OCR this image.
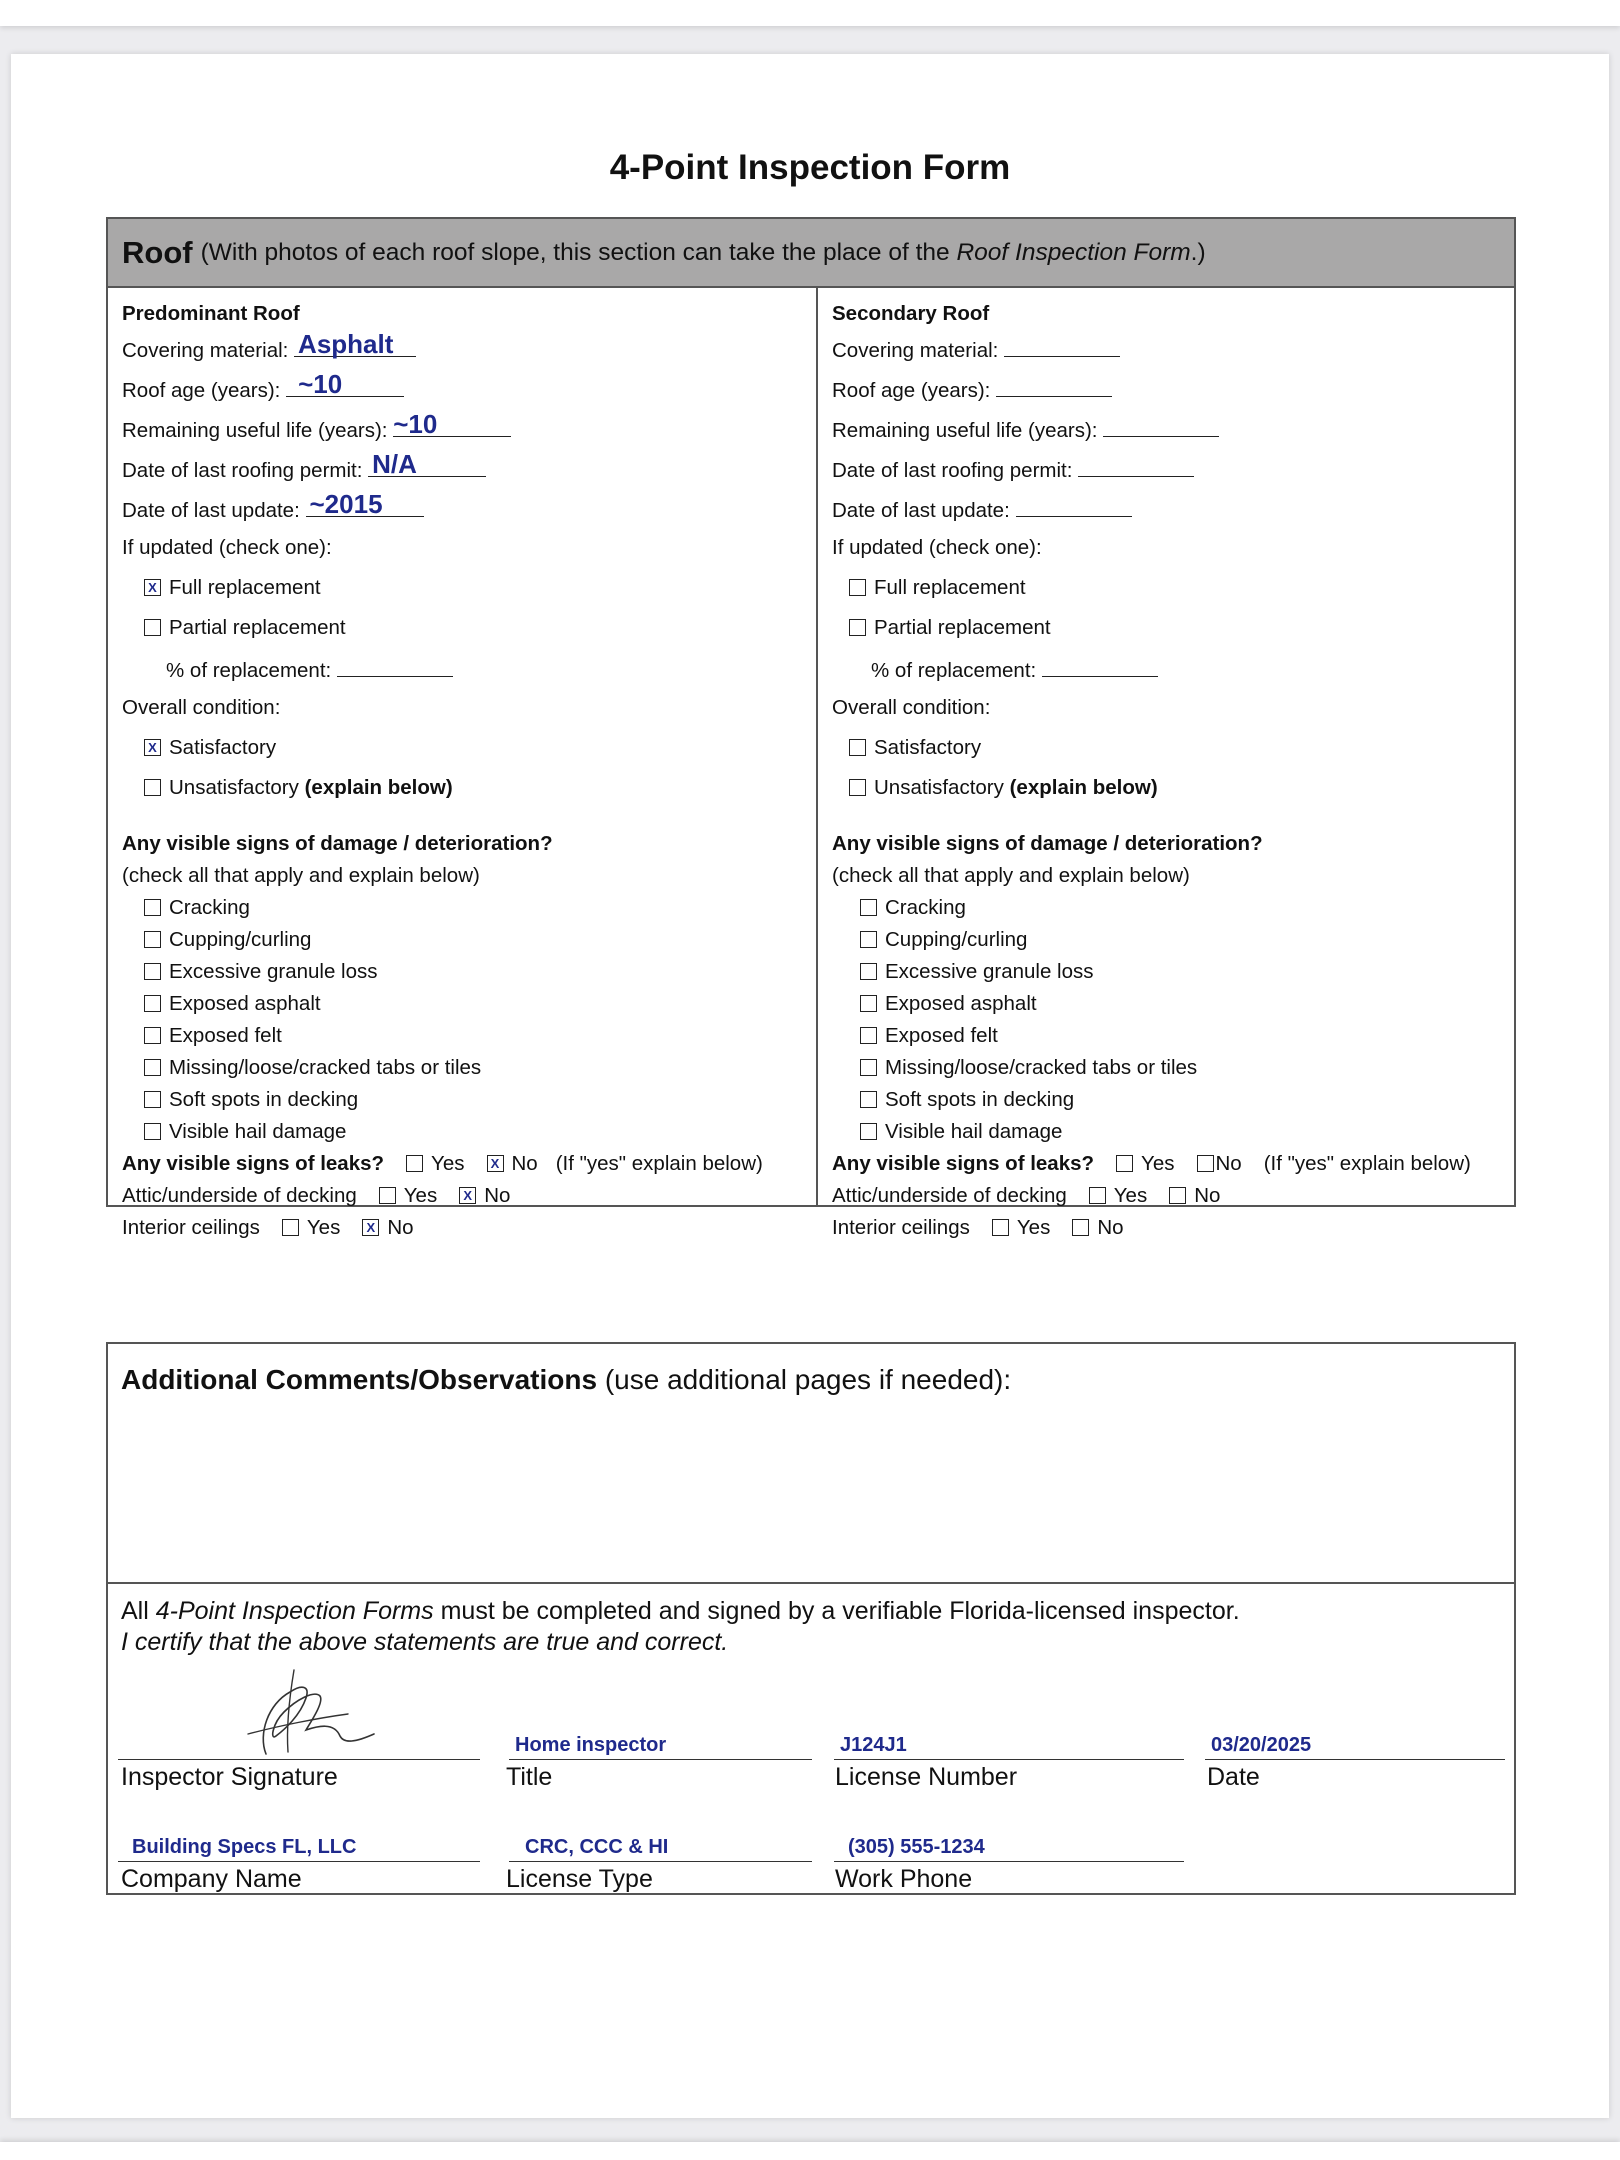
4-Point Inspection Form
Roof (With photos of each roof slope, this section can take the place of the Roof Inspection Form.)
Predominant Roof
Covering material: Asphalt
Roof age (years): ~10
Remaining useful life (years): ~10
Date of last roofing permit: N/A
Date of last update: ~2015
If updated (check one):
XFull replacement
Partial replacement
% of replacement:
Overall condition:
XSatisfactory
Unsatisfactory (explain below)
Any visible signs of damage / deterioration?
(check all that apply and explain below)
Cracking
Cupping/curling
Excessive granule loss
Exposed asphalt
Exposed felt
Missing/loose/cracked tabs or tiles
Soft spots in decking
Visible hail damage
Any visible signs of leaks? Yes X No (If "yes" explain below)
Attic/underside of decking Yes X No
Interior ceilings Yes X No
Secondary Roof
Covering material:
Roof age (years):
Remaining useful life (years):
Date of last roofing permit:
Date of last update:
If updated (check one):
Full replacement
Partial replacement
% of replacement:
Overall condition:
Satisfactory
Unsatisfactory (explain below)
Any visible signs of damage / deterioration?
(check all that apply and explain below)
Cracking
Cupping/curling
Excessive granule loss
Exposed asphalt
Exposed felt
Missing/loose/cracked tabs or tiles
Soft spots in decking
Visible hail damage
Any visible signs of leaks? Yes No (If "yes" explain below)
Attic/underside of decking Yes No
Interior ceilings Yes No
Additional Comments/Observations (use additional pages if needed):
All 4-Point Inspection Forms must be completed and signed by a verifiable Florida-licensed inspector.
I certify that the above statements are true and correct.
Inspector Signature
Home inspector
Title
J124J1
License Number
03/20/2025
Date
Building Specs FL, LLC
Company Name
CRC, CCC & HI
License Type
(305) 555-1234
Work Phone
